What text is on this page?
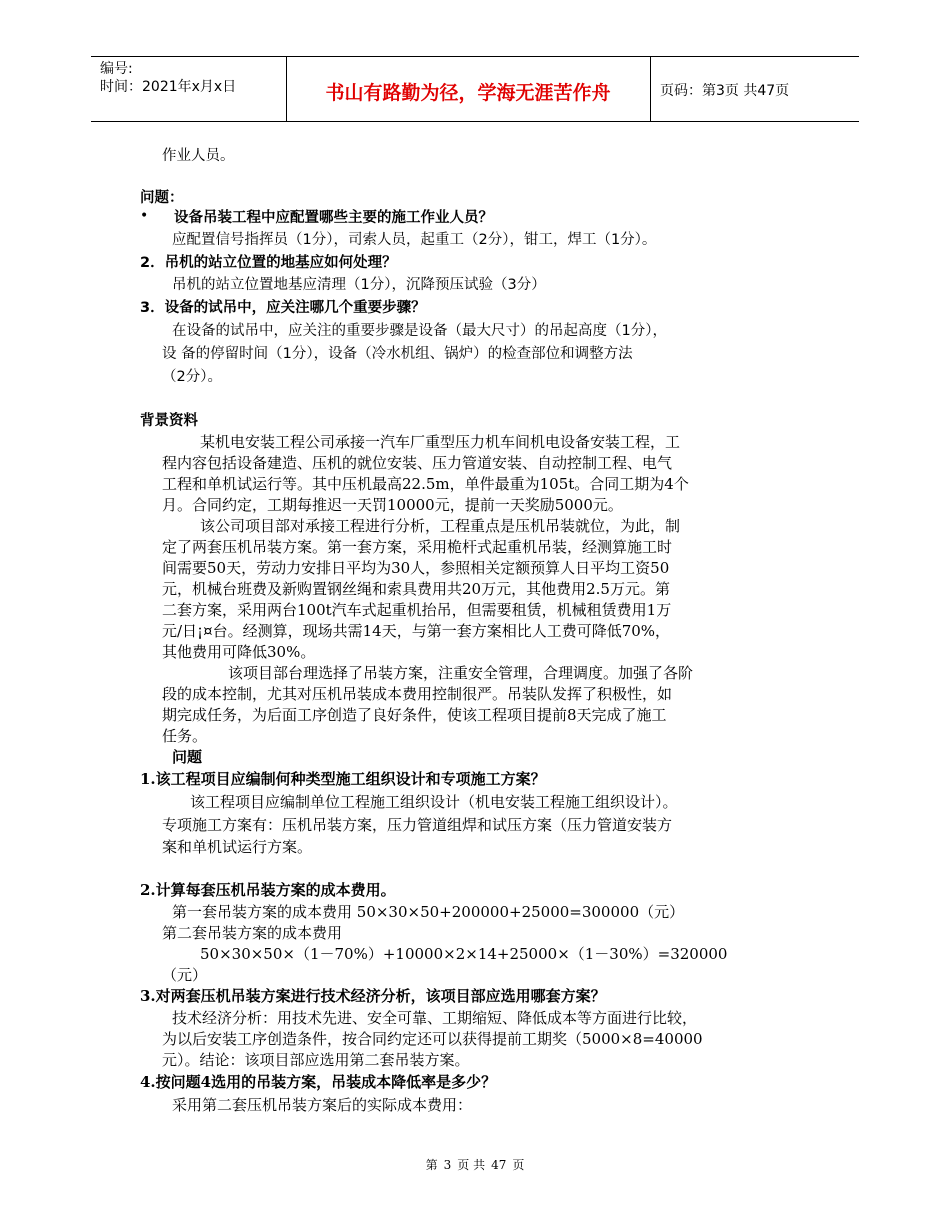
编号:
时间：2021年x月x日	书山有路勤为径，学海无涯苦作舟	页码：第3页 共47页
•
作业人员。
问题：
设备吊装工程中应配置哪些主要的施工作业人员？
应配置信号指挥员（1分），司索人员，起重工（2分），钳工，焊工（1分）。
2．吊机的站立位置的地基应如何处理？
吊机的站立位置地基应清理（1分），沉降预压试验（3分）
3．设备的试吊中，应关注哪几个重要步骤？
在设备的试吊中，应关注的重要步骤是设备（最大尺寸）的吊起高度（1分），
设 备的停留时间（1分），设备（冷水机组、锅炉）的检查部位和调整方法
（2分）。
背景资料
某机电安装工程公司承接一汽车厂重型压力机车间机电设备安装工程，工
程内容包括设备建造、压机的就位安装、压力管道安装、自动控制工程、电气
工程和单机试运行等。其中压机最高22.5m，单件最重为105t。合同工期为4个
月。合同约定，工期每推迟一天罚10000元，提前一天奖励5000元。
该公司项目部对承接工程进行分析，工程重点是压机吊装就位，为此，制
定了两套压机吊装方案。第一套方案，采用桅杆式起重机吊装，经测算施工时
间需要50天，劳动力安排日平均为30人，参照相关定额预算人日平均工资50
元，机械台班费及新购置钢丝绳和索具费用共20万元，其他费用2.5万元。第
二套方案，采用两台100t汽车式起重机抬吊，但需要租赁，机械租赁费用1万
元/日¡¤台。经测算，现场共需14天，与第一套方案相比人工费可降低70%，
其他费用可降低30%。
该项目部台理选择了吊装方案，注重安全管理，合理调度。加强了各阶
段的成本控制，尤其对压机吊装成本费用控制很严。吊装队发挥了积极性，如
期完成任务，为后面工序创造了良好条件，使该工程项目提前8天完成了施工
任务。
问题
1.该工程项目应编制何种类型施工组织设计和专项施工方案？
该工程项目应编制单位工程施工组织设计（机电安装工程施工组织设计）。
专项施工方案有：压机吊装方案，压力管道组焊和试压方案（压力管道安装方
案和单机试运行方案。
2.计算每套压机吊装方案的成本费用。
第一套吊装方案的成本费用 50×30×50+200000+25000=300000（元）
第二套吊装方案的成本费用
50×30×50×（1－70%）+10000×2×14+25000×（1－30%）=320000
（元）
3.对两套压机吊装方案进行技术经济分析，该项目部应选用哪套方案？
技术经济分析：用技术先进、安全可靠、工期缩短、降低成本等方面进行比较，
为以后安装工序创造条件，按合同约定还可以获得提前工期奖（5000×8=40000
元）。结论：该项目部应选用第二套吊装方案。
4.按问题4选用的吊装方案，吊装成本降低率是多少？
采用第二套压机吊装方案后的实际成本费用：
第 3 页 共 47 页
